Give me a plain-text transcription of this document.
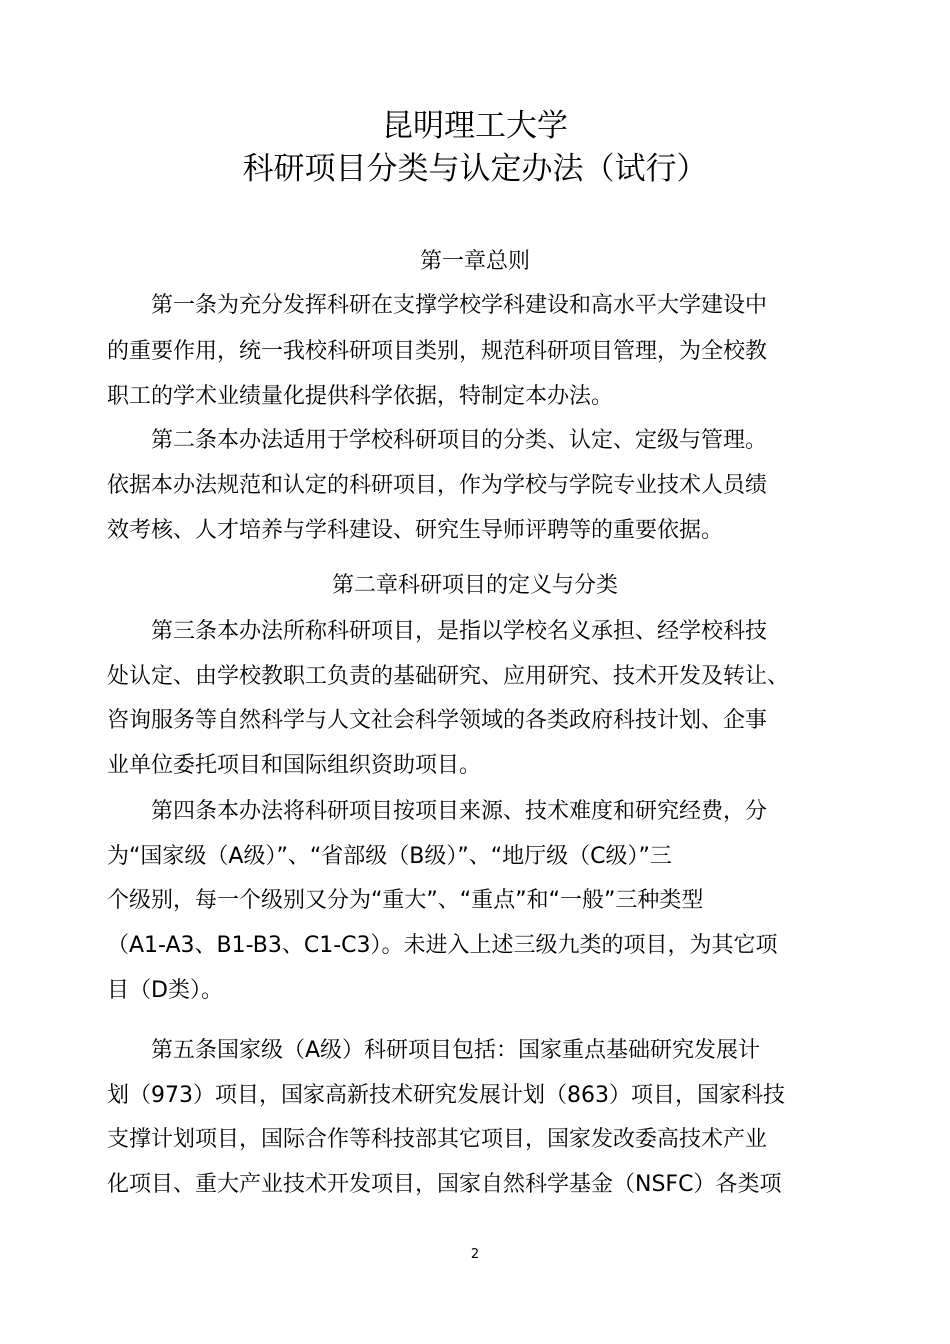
昆明理工大学
科研项目分类与认定办法（试行）
第一章总则
　　第一条为充分发挥科研在支撑学校学科建设和高水平大学建设中
的重要作用，统一我校科研项目类别，规范科研项目管理，为全校教
职工的学术业绩量化提供科学依据，特制定本办法。
　　第二条本办法适用于学校科研项目的分类、认定、定级与管理。
依据本办法规范和认定的科研项目，作为学校与学院专业技术人员绩
效考核、人才培养与学科建设、研究生导师评聘等的重要依据。
第二章科研项目的定义与分类
　　第三条本办法所称科研项目，是指以学校名义承担、经学校科技
处认定、由学校教职工负责的基础研究、应用研究、技术开发及转让、
咨询服务等自然科学与人文社会科学领域的各类政府科技计划、企事
业单位委托项目和国际组织资助项目。
　　第四条本办法将科研项目按项目来源、技术难度和研究经费，分
为“国家级（A级）”、“省部级（B级）”、“地厅级（C级）”三
个级别，每一个级别又分为“重大”、“重点”和“一般”三种类型
（A1-A3、B1-B3、C1-C3）。未进入上述三级九类的项目，为其它项
目（D类）。
　　第五条国家级（A级）科研项目包括：国家重点基础研究发展计
划（973）项目，国家高新技术研究发展计划（863）项目，国家科技
支撑计划项目，国际合作等科技部其它项目，国家发改委高技术产业
化项目、重大产业技术开发项目，国家自然科学基金（NSFC）各类项
2
